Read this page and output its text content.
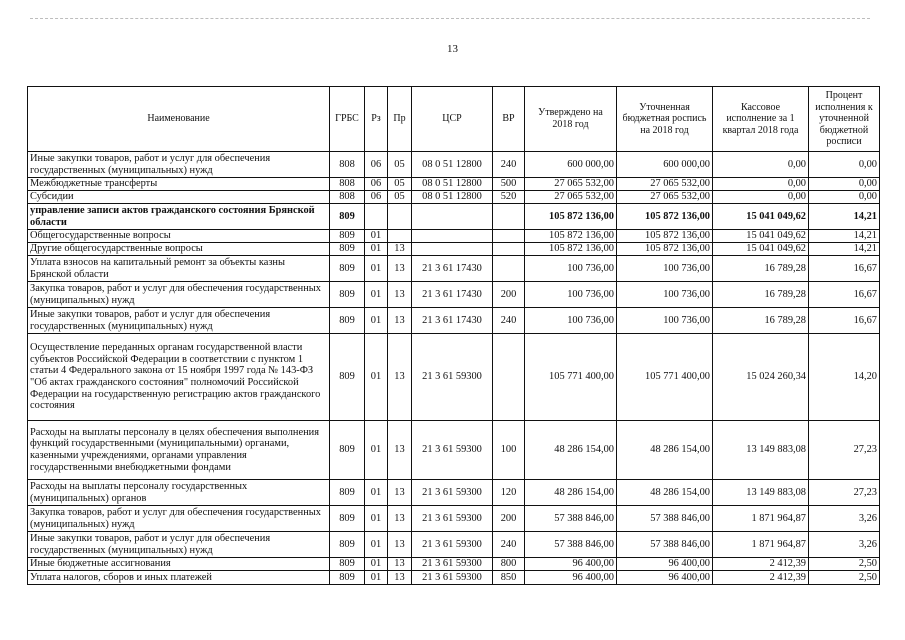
13
Наименование	ГРБС	Рз	Пр	ЦСР	ВР	Утверждено на 2018 год	Уточненная бюджетная роспись на 2018 год	Кассовое исполнение за 1 квартал 2018 года	Процент исполнения к уточненной бюджетной росписи
Иные закупки товаров, работ и услуг для обеспечения государственных (муниципальных) нужд	808	06	05	08 0 51 12800	240	600 000,00	600 000,00	0,00	0,00
Межбюджетные трансферты	808	06	05	08 0 51 12800	500	27 065 532,00	27 065 532,00	0,00	0,00
Субсидии	808	06	05	08 0 51 12800	520	27 065 532,00	27 065 532,00	0,00	0,00
управление записи актов гражданского состояния Брянской области	809					105 872 136,00	105 872 136,00	15 041 049,62	14,21
Общегосударственные вопросы	809	01				105 872 136,00	105 872 136,00	15 041 049,62	14,21
Другие общегосударственные вопросы	809	01	13			105 872 136,00	105 872 136,00	15 041 049,62	14,21
Уплата взносов на капитальный ремонт за объекты казны Брянской области	809	01	13	21 3 61 17430		100 736,00	100 736,00	16 789,28	16,67
Закупка товаров, работ и услуг для обеспечения государственных (муниципальных) нужд	809	01	13	21 3 61 17430	200	100 736,00	100 736,00	16 789,28	16,67
Иные закупки товаров, работ и услуг для обеспечения государственных (муниципальных) нужд	809	01	13	21 3 61 17430	240	100 736,00	100 736,00	16 789,28	16,67
Осуществление переданных органам государственной власти субъектов Российской Федерации в соответствии с пунктом 1 статьи 4 Федерального закона от 15 ноября 1997 года № 143-ФЗ "Об актах гражданского состояния" полномочий Российской Федерации на государственную регистрацию актов гражданского состояния	809	01	13	21 3 61 59300		105 771 400,00	105 771 400,00	15 024 260,34	14,20
Расходы на выплаты персоналу в целях обеспечения выполнения функций государственными (муниципальными) органами, казенными учреждениями, органами управления государственными внебюджетными фондами	809	01	13	21 3 61 59300	100	48 286 154,00	48 286 154,00	13 149 883,08	27,23
Расходы на выплаты персоналу государственных (муниципальных) органов	809	01	13	21 3 61 59300	120	48 286 154,00	48 286 154,00	13 149 883,08	27,23
Закупка товаров, работ и услуг для обеспечения государственных (муниципальных) нужд	809	01	13	21 3 61 59300	200	57 388 846,00	57 388 846,00	1 871 964,87	3,26
Иные закупки товаров, работ и услуг для обеспечения государственных (муниципальных) нужд	809	01	13	21 3 61 59300	240	57 388 846,00	57 388 846,00	1 871 964,87	3,26
Иные бюджетные ассигнования	809	01	13	21 3 61 59300	800	96 400,00	96 400,00	2 412,39	2,50
Уплата налогов, сборов и иных платежей	809	01	13	21 3 61 59300	850	96 400,00	96 400,00	2 412,39	2,50
